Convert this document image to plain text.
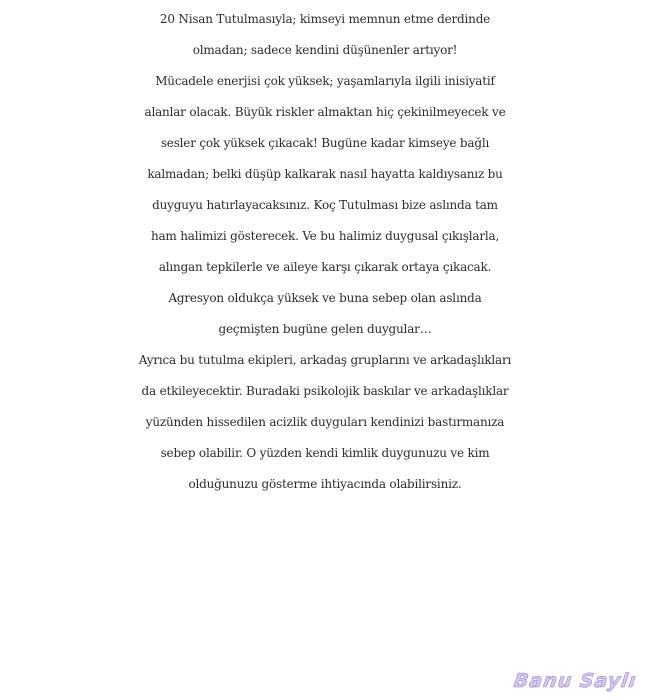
20 Nisan Tutulmasıyla; kimseyi memnun etme derdinde
olmadan; sadece kendini düşünenler artıyor!
Mücadele enerjisi çok yüksek; yaşamlarıyla ilgili inisiyatif
alanlar olacak. Büyük riskler almaktan hiç çekinilmeyecek ve
sesler çok yüksek çıkacak! Bugüne kadar kimseye bağlı
kalmadan; belki düşüp kalkarak nasıl hayatta kaldıysanız bu
duyguyu hatırlayacaksınız. Koç Tutulması bize aslında tam
ham halimizi gösterecek. Ve bu halimiz duygusal çıkışlarla,
alıngan tepkilerle ve aileye karşı çıkarak ortaya çıkacak.
Agresyon oldukça yüksek ve buna sebep olan aslında
geçmişten bugüne gelen duygular…
Ayrıca bu tutulma ekipleri, arkadaş gruplarını ve arkadaşlıkları
da etkileyecektir. Buradaki psikolojik baskılar ve arkadaşlıklar
yüzünden hissedilen acizlik duyguları kendinizi bastırmanıza
sebep olabilir. O yüzden kendi kimlik duygunuzu ve kim
olduğunuzu gösterme ihtiyacında olabilirsiniz.
Banu Saylı
